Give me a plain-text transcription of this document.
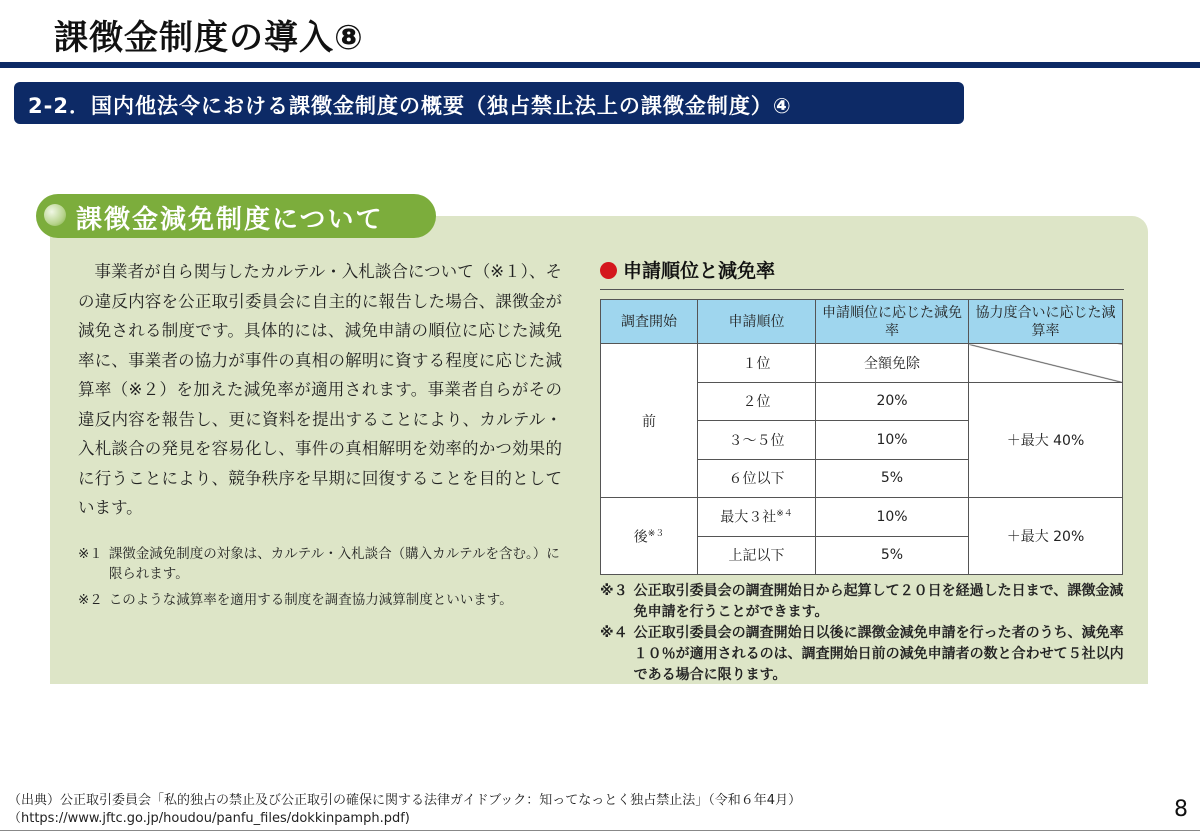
課徴金制度の導入⑧
2-2．国内他法令における課徴金制度の概要（独占禁止法上の課徴金制度）④
課徴金減免制度について

事業者が自ら関与したカルテル・入札談合について（※１）、その違反内容を公正取引委員会に自主的に報告した場合、課徴金が減免される制度です。具体的には、減免申請の順位に応じた減免率に、事業者の協力が事件の真相の解明に資する程度に応じた減算率（※２）を加えた減免率が適用されます。事業者自らがその違反内容を報告し、更に資料を提出することにより、カルテル・入札談合の発見を容易化し、事件の真相解明を効率的かつ効果的に行うことにより、競争秩序を早期に回復することを目的としています。

※１ 課徴金減免制度の対象は、カルテル・入札談合（購入カルテルを含む。）に限られます。
※２ このような減算率を適用する制度を調査協力減算制度といいます。
申請順位と減免率
調査開始	申請順位	申請順位に応じた減免率	協力度合いに応じた減算率
前	１位	全額免除	
	２位	20%	＋最大 40%
	３～５位	10%	
	６位以下	5%	
後$^{※3}$	最大３社$^{※4}$	10%	＋最大 20%
	上記以下	5%	
※３ 公正取引委員会の調査開始日から起算して２０日を経過した日まで、課徴金減免申請を行うことができます。
※４ 公正取引委員会の調査開始日以後に課徴金減免申請を行った者のうち、減免率１０％が適用されるのは、調査開始日前の減免申請者の数と合わせて５社以内である場合に限ります。
（出典）公正取引委員会「私的独占の禁止及び公正取引の確保に関する法律ガイドブック：知ってなっとく独占禁止法」（令和６年4月）（https://www.jftc.go.jp/houdou/panfu_files/dokkinpamph.pdf)	8
